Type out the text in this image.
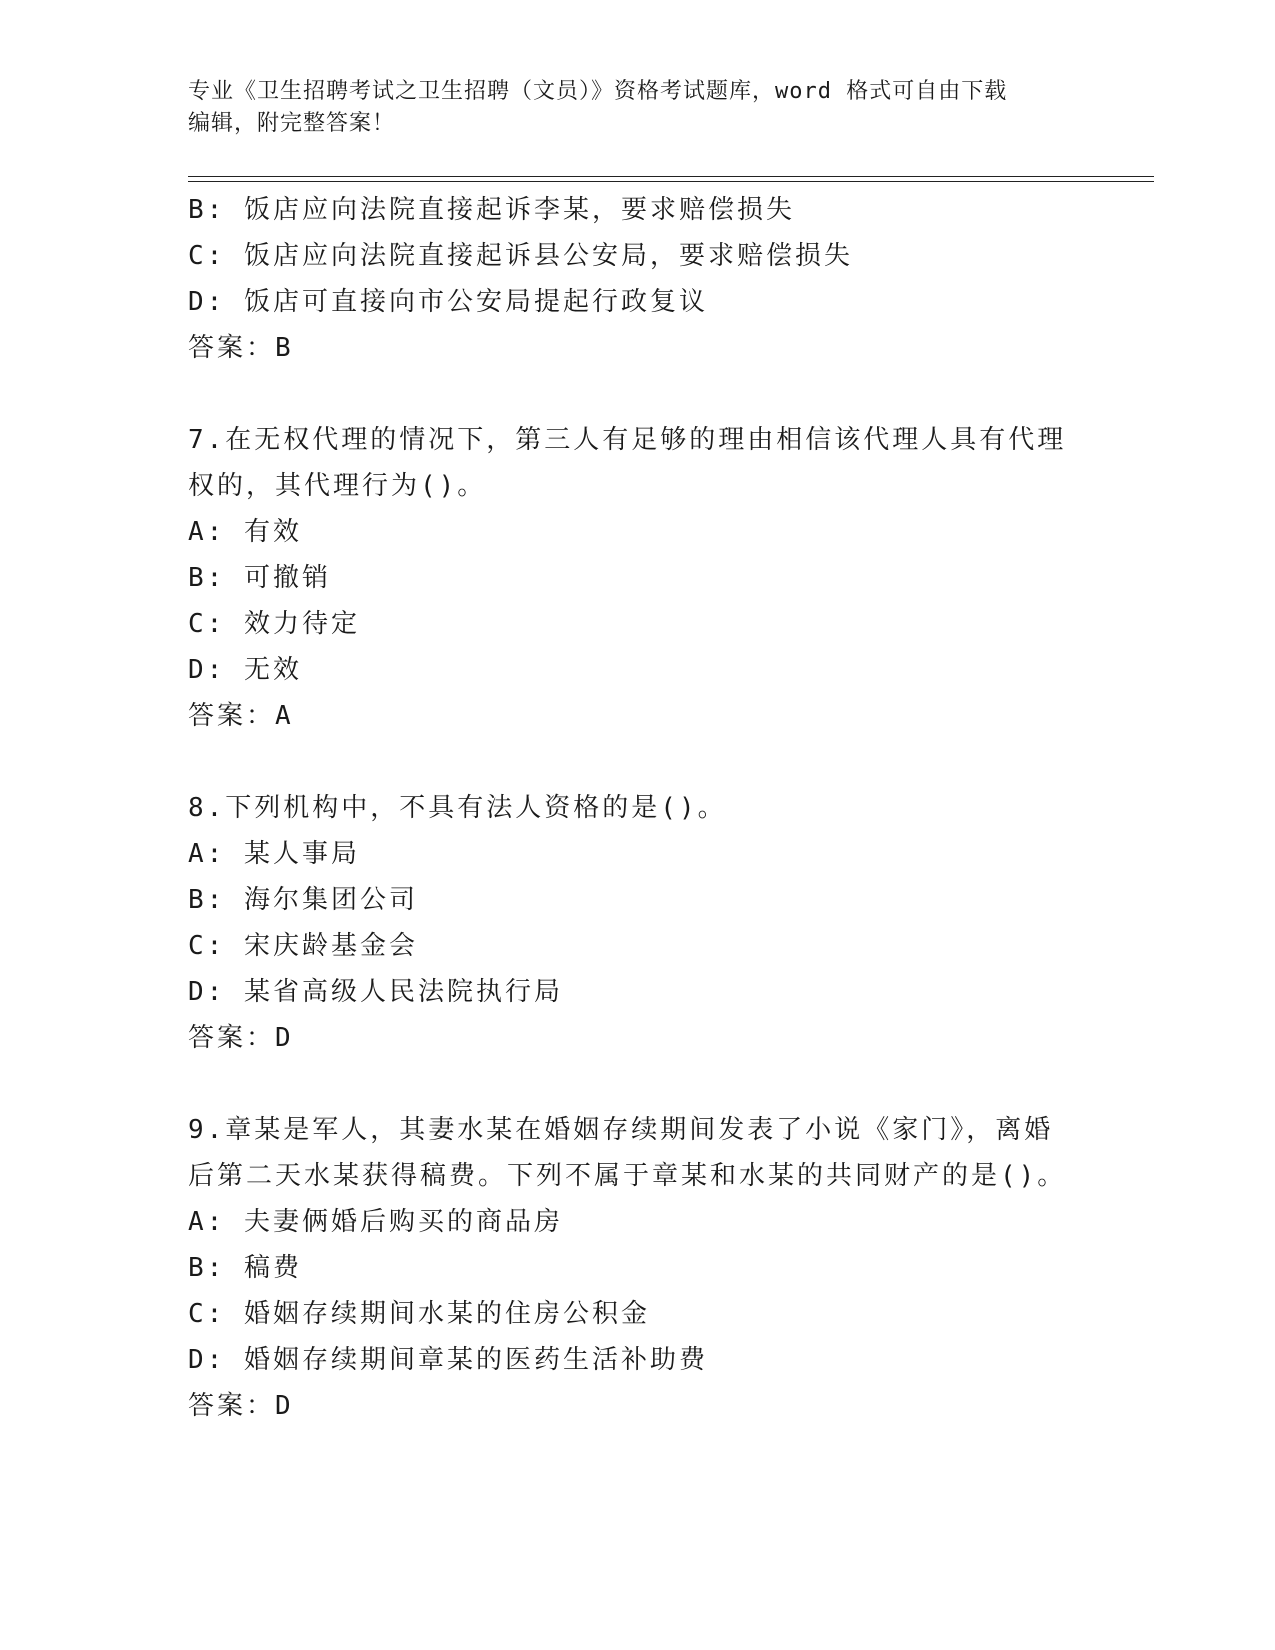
专业《卫生招聘考试之卫生招聘（文员）》资格考试题库，word 格式可自由下载
编辑，附完整答案！
B: 饭店应向法院直接起诉李某，要求赔偿损失
C: 饭店应向法院直接起诉县公安局，要求赔偿损失
D: 饭店可直接向市公安局提起行政复议
答案：B
7.在无权代理的情况下，第三人有足够的理由相信该代理人具有代理
权的，其代理行为()。
A: 有效
B: 可撤销
C: 效力待定
D: 无效
答案：A
8.下列机构中，不具有法人资格的是()。
A: 某人事局
B: 海尔集团公司
C: 宋庆龄基金会
D: 某省高级人民法院执行局
答案：D
9.章某是军人，其妻水某在婚姻存续期间发表了小说《家门》，离婚
后第二天水某获得稿费。下列不属于章某和水某的共同财产的是()。
A: 夫妻俩婚后购买的商品房
B: 稿费
C: 婚姻存续期间水某的住房公积金
D: 婚姻存续期间章某的医药生活补助费
答案：D
